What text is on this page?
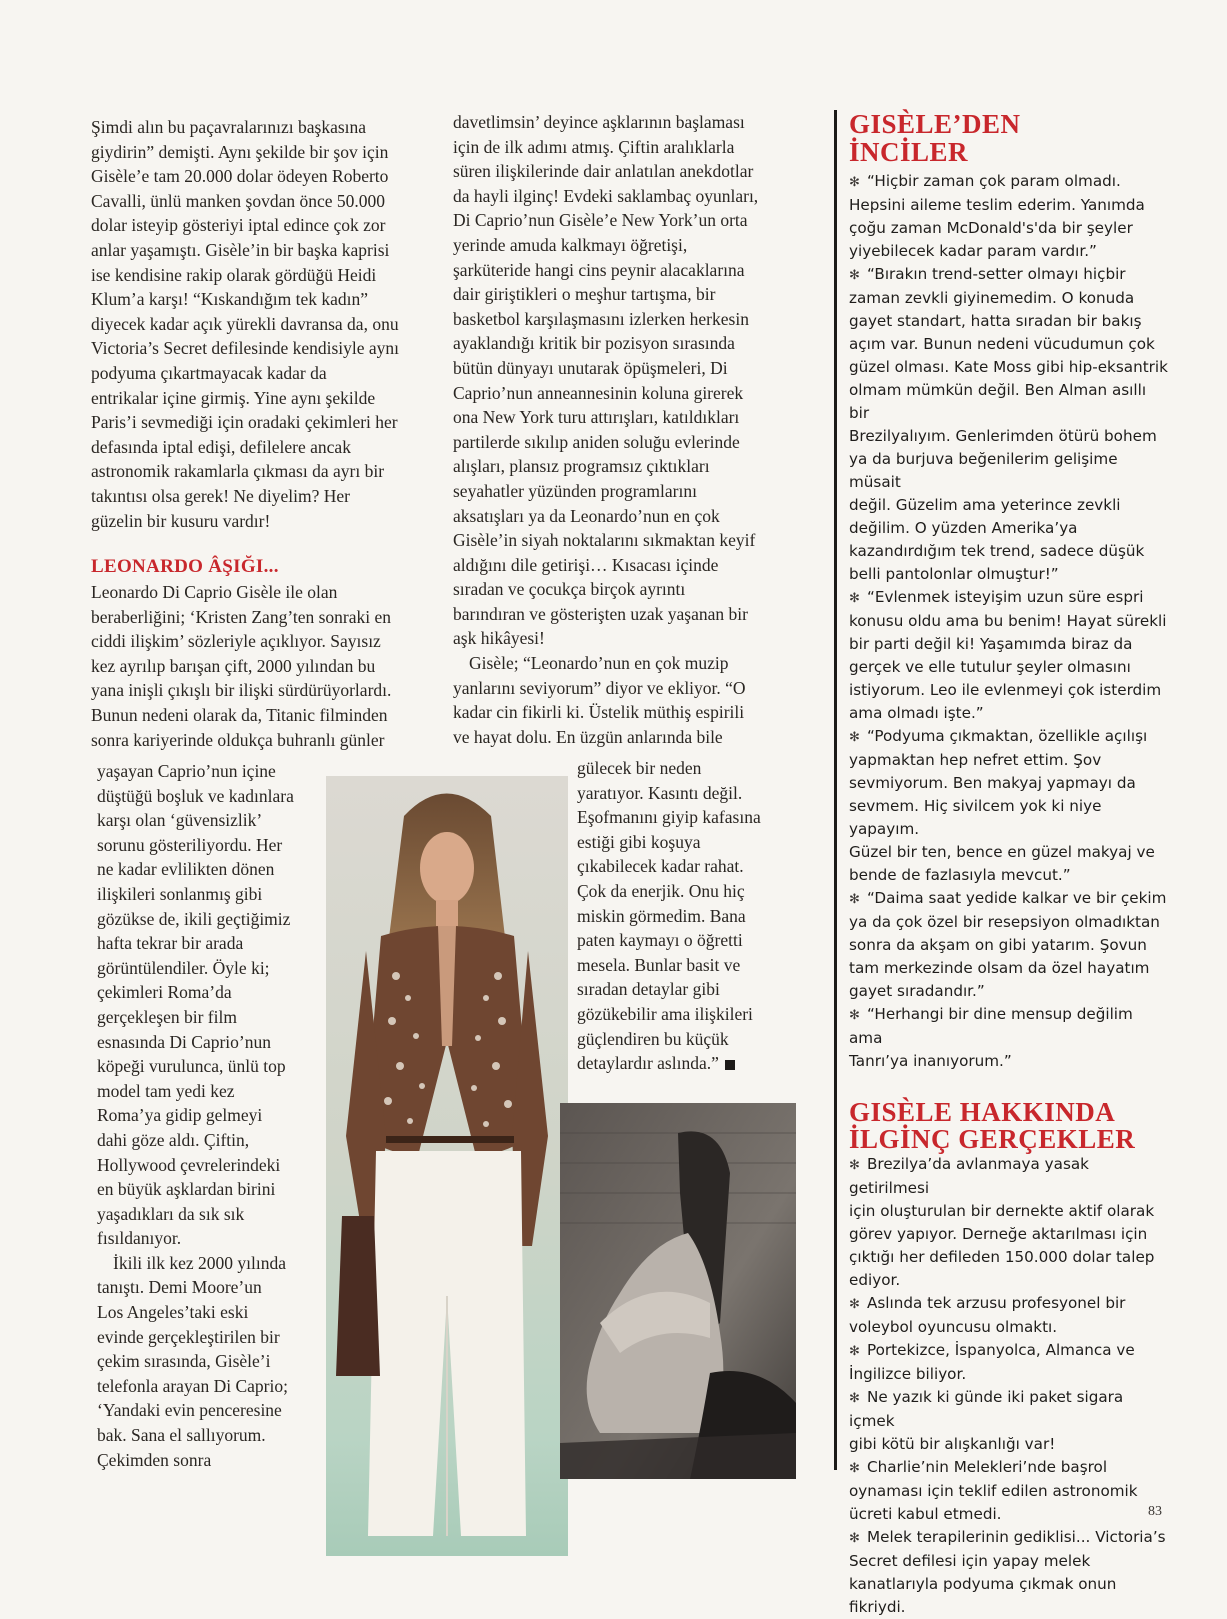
Şimdi alın bu paçavralarınızı başkasına
giydirin” demişti. Aynı şekilde bir şov için
Gisèle’e tam 20.000 dolar ödeyen Roberto
Cavalli, ünlü manken şovdan önce 50.000
dolar isteyip gösteriyi iptal edince çok zor
anlar yaşamıştı. Gisèle’in bir başka kaprisi
ise kendisine rakip olarak gördüğü Heidi
Klum’a karşı! “Kıskandığım tek kadın”
diyecek kadar açık yürekli davransa da, onu
Victoria’s Secret defilesinde kendisiyle aynı
podyuma çıkartmayacak kadar da
entrikalar içine girmiş. Yine aynı şekilde
Paris’i sevmediği için oradaki çekimleri her
defasında iptal edişi, defilelere ancak
astronomik rakamlarla çıkması da ayrı bir
takıntısı olsa gerek! Ne diyelim? Her
güzelin bir kusuru vardır!

LEONARDO ÂŞIĞI...

Leonardo Di Caprio Gisèle ile olan
beraberliğini; ‘Kristen Zang’ten sonraki en
ciddi ilişkim’ sözleriyle açıklıyor. Sayısız
kez ayrılıp barışan çift, 2000 yılından bu
yana inişli çıkışlı bir ilişki sürdürüyorlardı.
Bunun nedeni olarak da, Titanic filminden
sonra kariyerinde oldukça buhranlı günler

yaşayan Caprio’nun içine
düştüğü boşluk ve kadınlara
karşı olan ‘güvensizlik’
sorunu gösteriliyordu. Her
ne kadar evlilikten dönen
ilişkileri sonlanmış gibi
gözükse de, ikili geçtiğimiz
hafta tekrar bir arada
görüntülendiler. Öyle ki;
çekimleri Roma’da
gerçekleşen bir film
esnasında Di Caprio’nun
köpeği vurulunca, ünlü top
model tam yedi kez
Roma’ya gidip gelmeyi
dahi göze aldı. Çiftin,
Hollywood çevrelerindeki
en büyük aşklardan birini
yaşadıkları da sık sık
fısıldanıyor.

İkili ilk kez 2000 yılında
tanıştı. Demi Moore’un
Los Angeles’taki eski
evinde gerçekleştirilen bir
çekim sırasında, Gisèle’i
telefonla arayan Di Caprio;
‘Yandaki evin penceresine
bak. Sana el sallıyorum.
Çekimden sonra

davetlimsin’ deyince aşklarının başlaması
için de ilk adımı atmış. Çiftin aralıklarla
süren ilişkilerinde dair anlatılan anekdotlar
da hayli ilginç! Evdeki saklambaç oyunları,
Di Caprio’nun Gisèle’e New York’un orta
yerinde amuda kalkmayı öğretişi,
şarküteride hangi cins peynir alacaklarına
dair giriştikleri o meşhur tartışma, bir
basketbol karşılaşmasını izlerken herkesin
ayaklandığı kritik bir pozisyon sırasında
bütün dünyayı unutarak öpüşmeleri, Di
Caprio’nun anneannesinin koluna girerek
ona New York turu attırışları, katıldıkları
partilerde sıkılıp aniden soluğu evlerinde
alışları, plansız programsız çıktıkları
seyahatler yüzünden programlarını
aksatışları ya da Leonardo’nun en çok
Gisèle’in siyah noktalarını sıkmaktan keyif
aldığını dile getirişi… Kısacası içinde
sıradan ve çocukça birçok ayrıntı
barındıran ve gösterişten uzak yaşanan bir
aşk hikâyesi!

Gisèle; “Leonardo’nun en çok muzip
yanlarını seviyorum” diyor ve ekliyor. “O
kadar cin fikirli ki. Üstelik müthiş espirili
ve hayat dolu. En üzgün anlarında bile

gülecek bir neden
yaratıyor. Kasıntı değil.
Eşofmanını giyip kafasına
estiği gibi koşuya
çıkabilecek kadar rahat.
Çok da enerjik. Onu hiç
miskin görmedim. Bana
paten kaymayı o öğretti
mesela. Bunlar basit ve
sıradan detaylar gibi
gözükebilir ama ilişkileri
güçlendiren bu küçük
detaylardır aslında.”

GISÈLE’DEN
İNCİLER
✻ “Hiçbir zaman çok param olmadı.
Hepsini aileme teslim ederim. Yanımda
çoğu zaman McDonald's'da bir şeyler
yiyebilecek kadar param vardır.”
✻ “Bırakın trend-setter olmayı hiçbir
zaman zevkli giyinemedim. O konuda
gayet standart, hatta sıradan bir bakış
açım var. Bunun nedeni vücudumun çok
güzel olması. Kate Moss gibi hip-eksantrik
olmam mümkün değil. Ben Alman asıllı bir
Brezilyalıyım. Genlerimden ötürü bohem
ya da burjuva beğenilerim gelişime müsait
değil. Güzelim ama yeterince zevkli
değilim. O yüzden Amerika’ya
kazandırdığım tek trend, sadece düşük
belli pantolonlar olmuştur!”
✻ “Evlenmek isteyişim uzun süre espri
konusu oldu ama bu benim! Hayat sürekli
bir parti değil ki! Yaşamımda biraz da
gerçek ve elle tutulur şeyler olmasını
istiyorum. Leo ile evlenmeyi çok isterdim
ama olmadı işte.”
✻ “Podyuma çıkmaktan, özellikle açılışı
yapmaktan hep nefret ettim. Şov
sevmiyorum. Ben makyaj yapmayı da
sevmem. Hiç sivilcem yok ki niye yapayım.
Güzel bir ten, bence en güzel makyaj ve
bende de fazlasıyla mevcut.”
✻ “Daima saat yedide kalkar ve bir çekim
ya da çok özel bir resepsiyon olmadıktan
sonra da akşam on gibi yatarım. Şovun
tam merkezinde olsam da özel hayatım
gayet sıradandır.”
✻ “Herhangi bir dine mensup değilim ama
Tanrı’ya inanıyorum.”
GISÈLE HAKKINDA
İLGİNÇ GERÇEKLER
✻ Brezilya’da avlanmaya yasak getirilmesi
için oluşturulan bir dernekte aktif olarak
görev yapıyor. Derneğe aktarılması için
çıktığı her defileden 150.000 dolar talep
ediyor.
✻ Aslında tek arzusu profesyonel bir
voleybol oyuncusu olmaktı.
✻ Portekizce, İspanyolca, Almanca ve
İngilizce biliyor.
✻ Ne yazık ki günde iki paket sigara içmek
gibi kötü bir alışkanlığı var!
✻ Charlie’nin Melekleri’nde başrol
oynaması için teklif edilen astronomik
ücreti kabul etmedi.
✻ Melek terapilerinin gediklisi... Victoria’s
Secret defilesi için yapay melek
kanatlarıyla podyuma çıkmak onun
fikriydi.
83
